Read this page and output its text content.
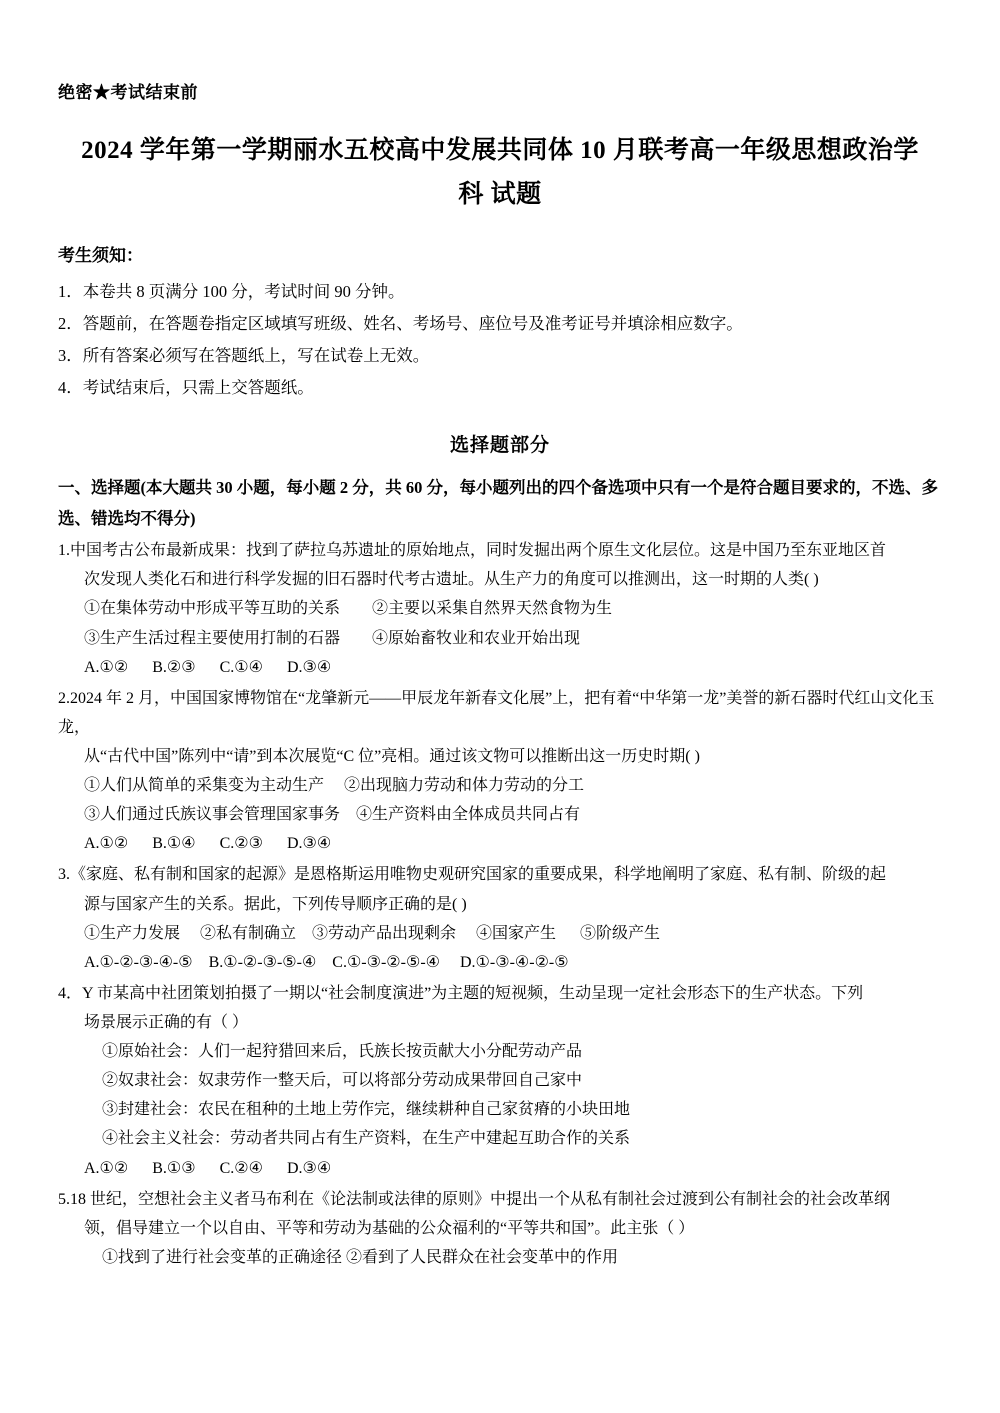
绝密★考试结束前
2024 学年第一学期丽水五校高中发展共同体 10 月联考高一年级思想政治学科 试题
考生须知：
1．本卷共 8 页满分 100 分，考试时间 90 分钟。
2．答题前，在答题卷指定区域填写班级、姓名、考场号、座位号及准考证号并填涂相应数字。
3．所有答案必须写在答题纸上，写在试卷上无效。
4．考试结束后，只需上交答题纸。
选择题部分
一、选择题(本大题共 30 小题，每小题 2 分，共 60 分，每小题列出的四个备选项中只有一个是符合题目要求的，不选、多选、错选均不得分)
1.中国考古公布最新成果：找到了萨拉乌苏遗址的原始地点，同时发掘出两个原生文化层位。这是中国乃至东亚地区首
次发现人类化石和进行科学发掘的旧石器时代考古遗址。从生产力的角度可以推测出，这一时期的人类( )
①在集体劳动中形成平等互助的关系        ②主要以采集自然界天然食物为生
③生产生活过程主要使用打制的石器        ④原始畜牧业和农业开始出现
A.①②      B.②③      C.①④      D.③④
2.2024 年 2 月，中国国家博物馆在“龙肇新元——甲辰龙年新春文化展”上，把有着“中华第一龙”美誉的新石器时代红山文化玉龙，
从“古代中国”陈列中“请”到本次展览“C 位”亮相。通过该文物可以推断出这一历史时期( )
①人们从简单的采集变为主动生产     ②出现脑力劳动和体力劳动的分工
③人们通过氏族议事会管理国家事务    ④生产资料由全体成员共同占有
A.①②      B.①④      C.②③      D.③④
3.《家庭、私有制和国家的起源》是恩格斯运用唯物史观研究国家的重要成果，科学地阐明了家庭、私有制、阶级的起
源与国家产生的关系。据此，下列传导顺序正确的是( )
①生产力发展     ②私有制确立    ③劳动产品出现剩余     ④国家产生      ⑤阶级产生
A.①-②-③-④-⑤    B.①-②-③-⑤-④    C.①-③-②-⑤-④     D.①-③-④-②-⑤
4．Y 市某高中社团策划拍摄了一期以“社会制度演进”为主题的短视频，生动呈现一定社会形态下的生产状态。下列
场景展示正确的有（ ）
①原始社会：人们一起狩猎回来后，氏族长按贡献大小分配劳动产品
②奴隶社会：奴隶劳作一整天后，可以将部分劳动成果带回自己家中
③封建社会：农民在租种的土地上劳作完，继续耕种自己家贫瘠的小块田地
④社会主义社会：劳动者共同占有生产资料，在生产中建起互助合作的关系
A.①②      B.①③      C.②④      D.③④
5.18 世纪，空想社会主义者马布利在《论法制或法律的原则》中提出一个从私有制社会过渡到公有制社会的社会改革纲
领，倡导建立一个以自由、平等和劳动为基础的公众福利的“平等共和国”。此主张（ ）
①找到了进行社会变革的正确途径 ②看到了人民群众在社会变革中的作用
